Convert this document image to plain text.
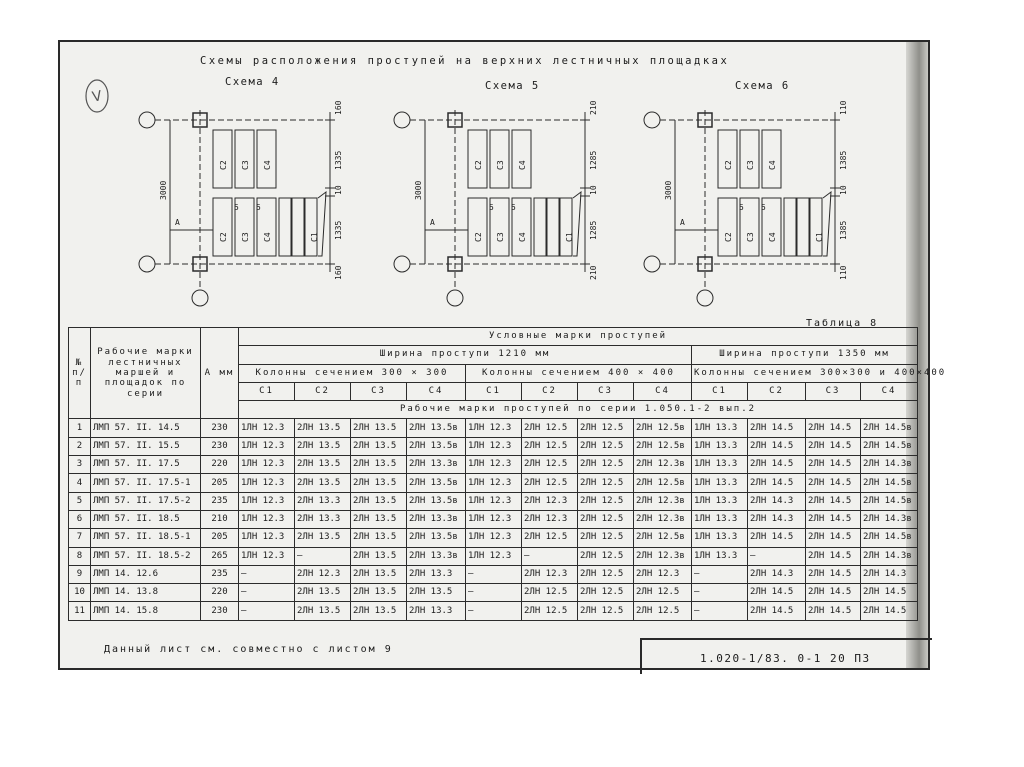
V
Схемы расположения проступей на верхних лестничных площадках
Схема 4
3000
160
1335
10
1335
160
A
С2 С3 С4
С2
5
С3
5
С4	С1
Схема 5
3000
210
1285
10
1285
210
A
С2 С3 С4
С2
5
С3
5
С4	С1
Схема 6
3000
110
1385
10
1385
110
A
С2 С3 С4
С2
5
С3
5
С4	С1
Таблица 8
№ п/п	Рабочие марки лестничных маршей и площадок по серии	А мм	Условные марки проступей											
			Ширина проступи 1210 мм								Ширина проступи 1350 мм			
			Колонны сечением 300 × 300				Колонны сечением 400 × 400				Колонны сечением 300×300 и 400×400			
			С1	С2	С3	С4	С1	С2	С3	С4	С1	С2	С3	С4
			Рабочие марки проступей по серии 1.050.1-2 вып.2											
1	ЛМП 57. II. 14.5	230	1ЛН 12.3	2ЛН 13.5	2ЛН 13.5	2ЛН 13.5в	1ЛН 12.3	2ЛН 12.5	2ЛН 12.5	2ЛН 12.5в	1ЛН 13.3	2ЛН 14.5	2ЛН 14.5	2ЛН 14.5в
2	ЛМП 57. II. 15.5	230	1ЛН 12.3	2ЛН 13.5	2ЛН 13.5	2ЛН 13.5в	1ЛН 12.3	2ЛН 12.5	2ЛН 12.5	2ЛН 12.5в	1ЛН 13.3	2ЛН 14.5	2ЛН 14.5	2ЛН 14.5в
3	ЛМП 57. II. 17.5	220	1ЛН 12.3	2ЛН 13.5	2ЛН 13.5	2ЛН 13.3в	1ЛН 12.3	2ЛН 12.5	2ЛН 12.5	2ЛН 12.3в	1ЛН 13.3	2ЛН 14.5	2ЛН 14.5	2ЛН 14.3в
4	ЛМП 57. II. 17.5-1	205	1ЛН 12.3	2ЛН 13.5	2ЛН 13.5	2ЛН 13.5в	1ЛН 12.3	2ЛН 12.5	2ЛН 12.5	2ЛН 12.5в	1ЛН 13.3	2ЛН 14.5	2ЛН 14.5	2ЛН 14.5в
5	ЛМП 57. II. 17.5-2	235	1ЛН 12.3	2ЛН 13.3	2ЛН 13.5	2ЛН 13.5в	1ЛН 12.3	2ЛН 12.3	2ЛН 12.5	2ЛН 12.3в	1ЛН 13.3	2ЛН 14.3	2ЛН 14.5	2ЛН 14.5в
6	ЛМП 57. II. 18.5	210	1ЛН 12.3	2ЛН 13.3	2ЛН 13.5	2ЛН 13.3в	1ЛН 12.3	2ЛН 12.3	2ЛН 12.5	2ЛН 12.3в	1ЛН 13.3	2ЛН 14.3	2ЛН 14.5	2ЛН 14.3в
7	ЛМП 57. II. 18.5-1	205	1ЛН 12.3	2ЛН 13.5	2ЛН 13.5	2ЛН 13.5в	1ЛН 12.3	2ЛН 12.5	2ЛН 12.5	2ЛН 12.5в	1ЛН 13.3	2ЛН 14.5	2ЛН 14.5	2ЛН 14.5в
8	ЛМП 57. II. 18.5-2	265	1ЛН 12.3	—	2ЛН 13.5	2ЛН 13.3в	1ЛН 12.3	—	2ЛН 12.5	2ЛН 12.3в	1ЛН 13.3	—	2ЛН 14.5	2ЛН 14.3в
9	ЛМП 14. 12.6	235	—	2ЛН 12.3	2ЛН 13.5	2ЛН 13.3	—	2ЛН 12.3	2ЛН 12.5	2ЛН 12.3	—	2ЛН 14.3	2ЛН 14.5	2ЛН 14.3
10	ЛМП 14. 13.8	220	—	2ЛН 13.5	2ЛН 13.5	2ЛН 13.5	—	2ЛН 12.5	2ЛН 12.5	2ЛН 12.5	—	2ЛН 14.5	2ЛН 14.5	2ЛН 14.5
11	ЛМП 14. 15.8	230	—	2ЛН 13.5	2ЛН 13.5	2ЛН 13.3	—	2ЛН 12.5	2ЛН 12.5	2ЛН 12.5	—	2ЛН 14.5	2ЛН 14.5	2ЛН 14.5
Данный лист см. совместно с листом 9
1.020-1/83. 0-1 20 ПЗ
